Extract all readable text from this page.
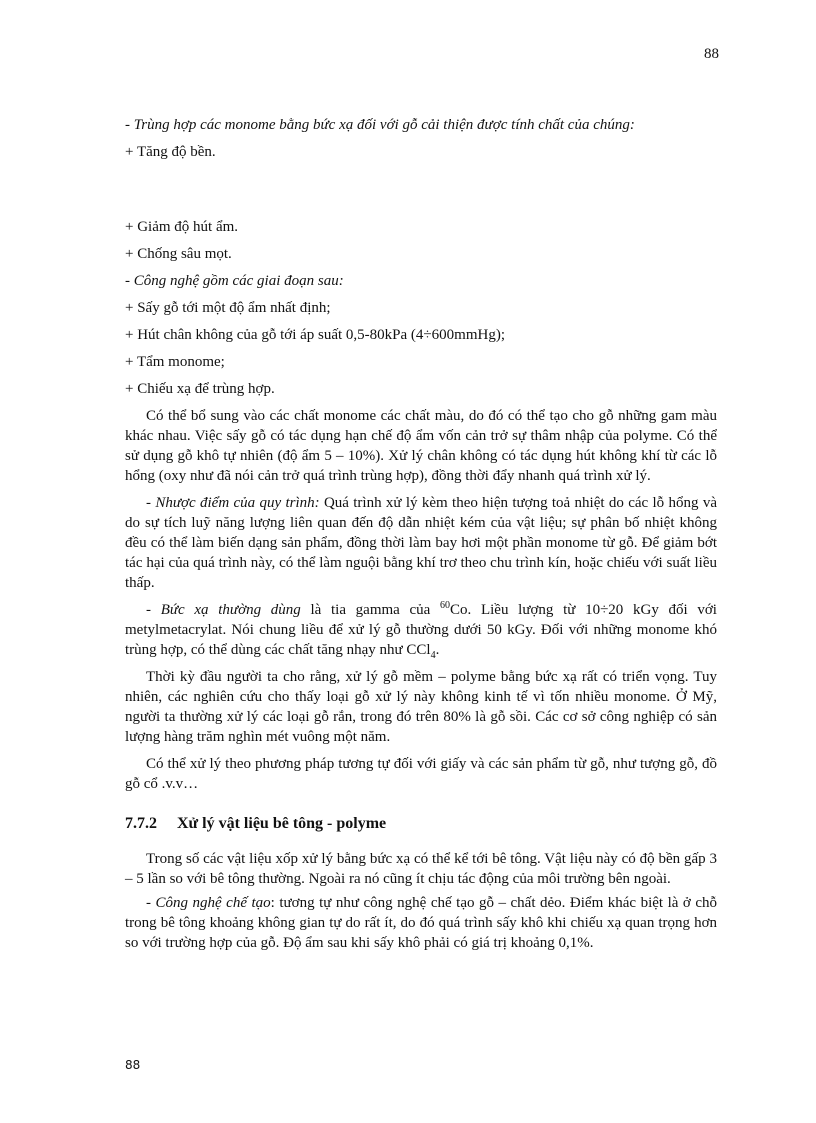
88
- Trùng hợp các monome bằng bức xạ đối với gỗ cải thiện được tính chất của chúng:
+ Tăng độ bền.
+ Giảm độ hút ẩm.
+ Chống sâu mọt.
- Công nghệ gồm các giai đoạn sau:
+ Sấy gỗ tới một độ ẩm nhất định;
+ Hút chân không của gỗ tới áp suất 0,5-80kPa (4÷600mmHg);
+ Tẩm monome;
+ Chiếu xạ để trùng hợp.

Có thể bổ sung vào các chất monome các chất màu, do đó có thể tạo cho gỗ những gam màu khác nhau. Việc sấy gỗ có tác dụng hạn chế độ ẩm vốn cản trở sự thâm nhập của polyme. Có thể sử dụng gỗ khô tự nhiên (độ ẩm 5 – 10%). Xử lý chân không có tác dụng hút không khí từ các lỗ hổng (oxy như đã nói cản trở quá trình trùng hợp), đồng thời đẩy nhanh quá trình xử lý.

- Nhược điểm của quy trình: Quá trình xử lý kèm theo hiện tượng toả nhiệt do các lỗ hổng và do sự tích luỹ năng lượng liên quan đến độ dẫn nhiệt kém của vật liệu; sự phân bố nhiệt không đều có thể làm biến dạng sản phẩm, đồng thời làm bay hơi một phần monome từ gỗ. Để giảm bớt tác hại của quá trình này, có thể làm nguội bằng khí trơ theo chu trình kín, hoặc chiếu với suất liều thấp.

- Bức xạ thường dùng là tia gamma của $^{60}$Co. Liều lượng từ 10÷20 kGy đối với metylmetacrylat. Nói chung liều để xử lý gỗ thường dưới 50 kGy. Đối với những monome khó trùng hợp, có thể dùng các chất tăng nhạy như CCl$_4$.

Thời kỳ đầu người ta cho rằng, xử lý gỗ mềm – polyme bằng bức xạ rất có triển vọng. Tuy nhiên, các nghiên cứu cho thấy loại gỗ xử lý này không kinh tế vì tốn nhiều monome. Ở Mỹ, người ta thường xử lý các loại gỗ rắn, trong đó trên 80% là gỗ sồi. Các cơ sở công nghiệp có sản lượng hàng trăm nghìn mét vuông một năm.

Có thể xử lý theo phương pháp tương tự đối với giấy và các sản phẩm từ gỗ, như tượng gỗ, đồ gỗ cổ .v.v…

7.7.2 Xử lý vật liệu bê tông - polyme

Trong số các vật liệu xốp xử lý bằng bức xạ có thể kể tới bê tông. Vật liệu này có độ bền gấp 3 – 5 lần so với bê tông thường. Ngoài ra nó cũng ít chịu tác động của môi trường bên ngoài.

- Công nghệ chế tạo: tương tự như công nghệ chế tạo gỗ – chất dẻo. Điểm khác biệt là ở chỗ trong bê tông khoảng không gian tự do rất ít, do đó quá trình sấy khô khi chiếu xạ quan trọng hơn so với trường hợp của gỗ. Độ ẩm sau khi sấy khô phải có giá trị khoảng 0,1%.

88
